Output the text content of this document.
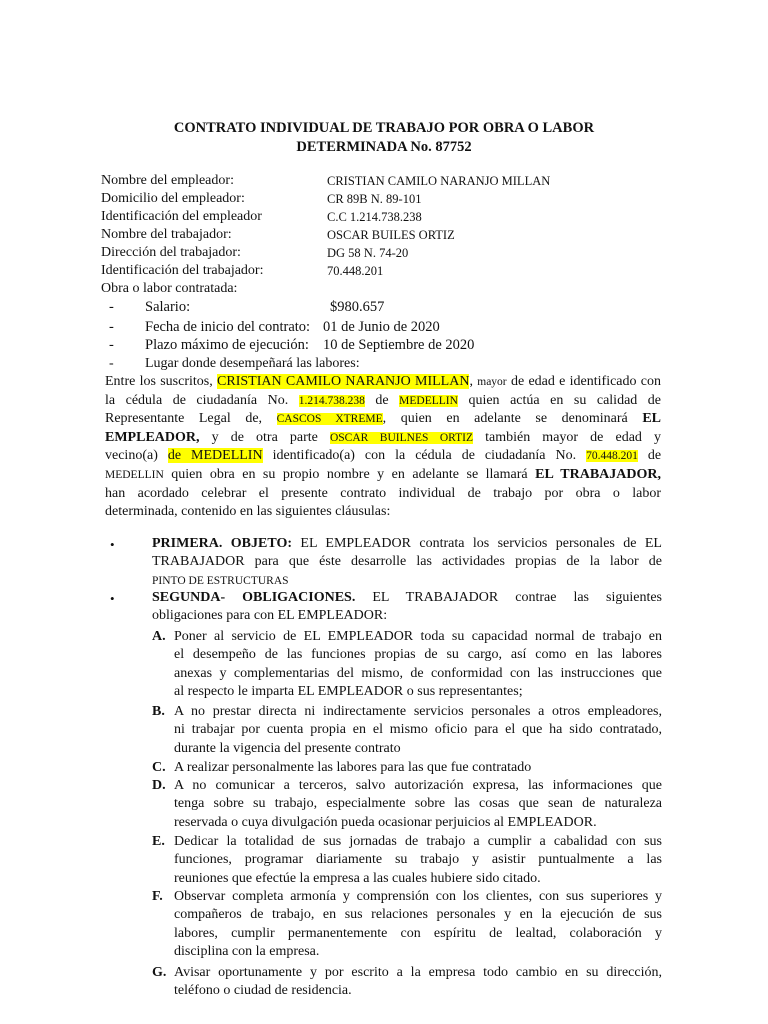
CONTRATO INDIVIDUAL DE TRABAJO POR OBRA O LABOR
DETERMINADA No. 87752
Nombre del empleador:	CRISTIAN CAMILO NARANJO MILLAN
Domicilio del empleador:	CR 89B N. 89-101
Identificación del empleador	C.C 1.214.738.238
Nombre del trabajador:	OSCAR BUILES ORTIZ
Dirección del trabajador:	DG 58 N. 74-20
Identificación del trabajador:	70.448.201
Obra o labor contratada:
- Salario:	$980.657
- Fecha de inicio del contrato: 01 de Junio de 2020
- Plazo máximo de ejecución: 10 de Septiembre de 2020
- Lugar donde desempeñará las labores:
Entre los suscritos, CRISTIAN CAMILO NARANJO MILLAN, mayor de edad e identificado con
la cédula de ciudadanía No. 1.214.738.238 de MEDELLIN quien actúa en su calidad de
Representante Legal de, CASCOS XTREME, quien en adelante se denominará EL
EMPLEADOR, y de otra parte OSCAR BUILNES ORTIZ también mayor de edad y
vecino(a) de MEDELLIN identificado(a) con la cédula de ciudadanía No. 70.448.201 de
MEDELLIN quien obra en su propio nombre y en adelante se llamará EL TRABAJADOR,
han acordado celebrar el presente contrato individual de trabajo por obra o labor
determinada, contenido en las siguientes cláusulas:
•	PRIMERA. OBJETO: EL EMPLEADOR contrata los servicios personales de EL
TRABAJADOR para que éste desarrolle las actividades propias de la labor de
PINTO DE ESTRUCTURAS
•	SEGUNDA- OBLIGACIONES. EL TRABAJADOR contrae las siguientes
obligaciones para con EL EMPLEADOR:
A. Poner al servicio de EL EMPLEADOR toda su capacidad normal de trabajo en
el desempeño de las funciones propias de su cargo, así como en las labores
anexas y complementarias del mismo, de conformidad con las instrucciones que
al respecto le imparta EL EMPLEADOR o sus representantes;
B. A no prestar directa ni indirectamente servicios personales a otros empleadores,
ni trabajar por cuenta propia en el mismo oficio para el que ha sido contratado,
durante la vigencia del presente contrato
C. A realizar personalmente las labores para las que fue contratado
D. A no comunicar a terceros, salvo autorización expresa, las informaciones que
tenga sobre su trabajo, especialmente sobre las cosas que sean de naturaleza
reservada o cuya divulgación pueda ocasionar perjuicios al EMPLEADOR.
E. Dedicar la totalidad de sus jornadas de trabajo a cumplir a cabalidad con sus
funciones, programar diariamente su trabajo y asistir puntualmente a las
reuniones que efectúe la empresa a las cuales hubiere sido citado.
F. Observar completa armonía y comprensión con los clientes, con sus superiores y
compañeros de trabajo, en sus relaciones personales y en la ejecución de sus
labores, cumplir permanentemente con espíritu de lealtad, colaboración y
disciplina con la empresa.
G. Avisar oportunamente y por escrito a la empresa todo cambio en su dirección,
teléfono o ciudad de residencia.
